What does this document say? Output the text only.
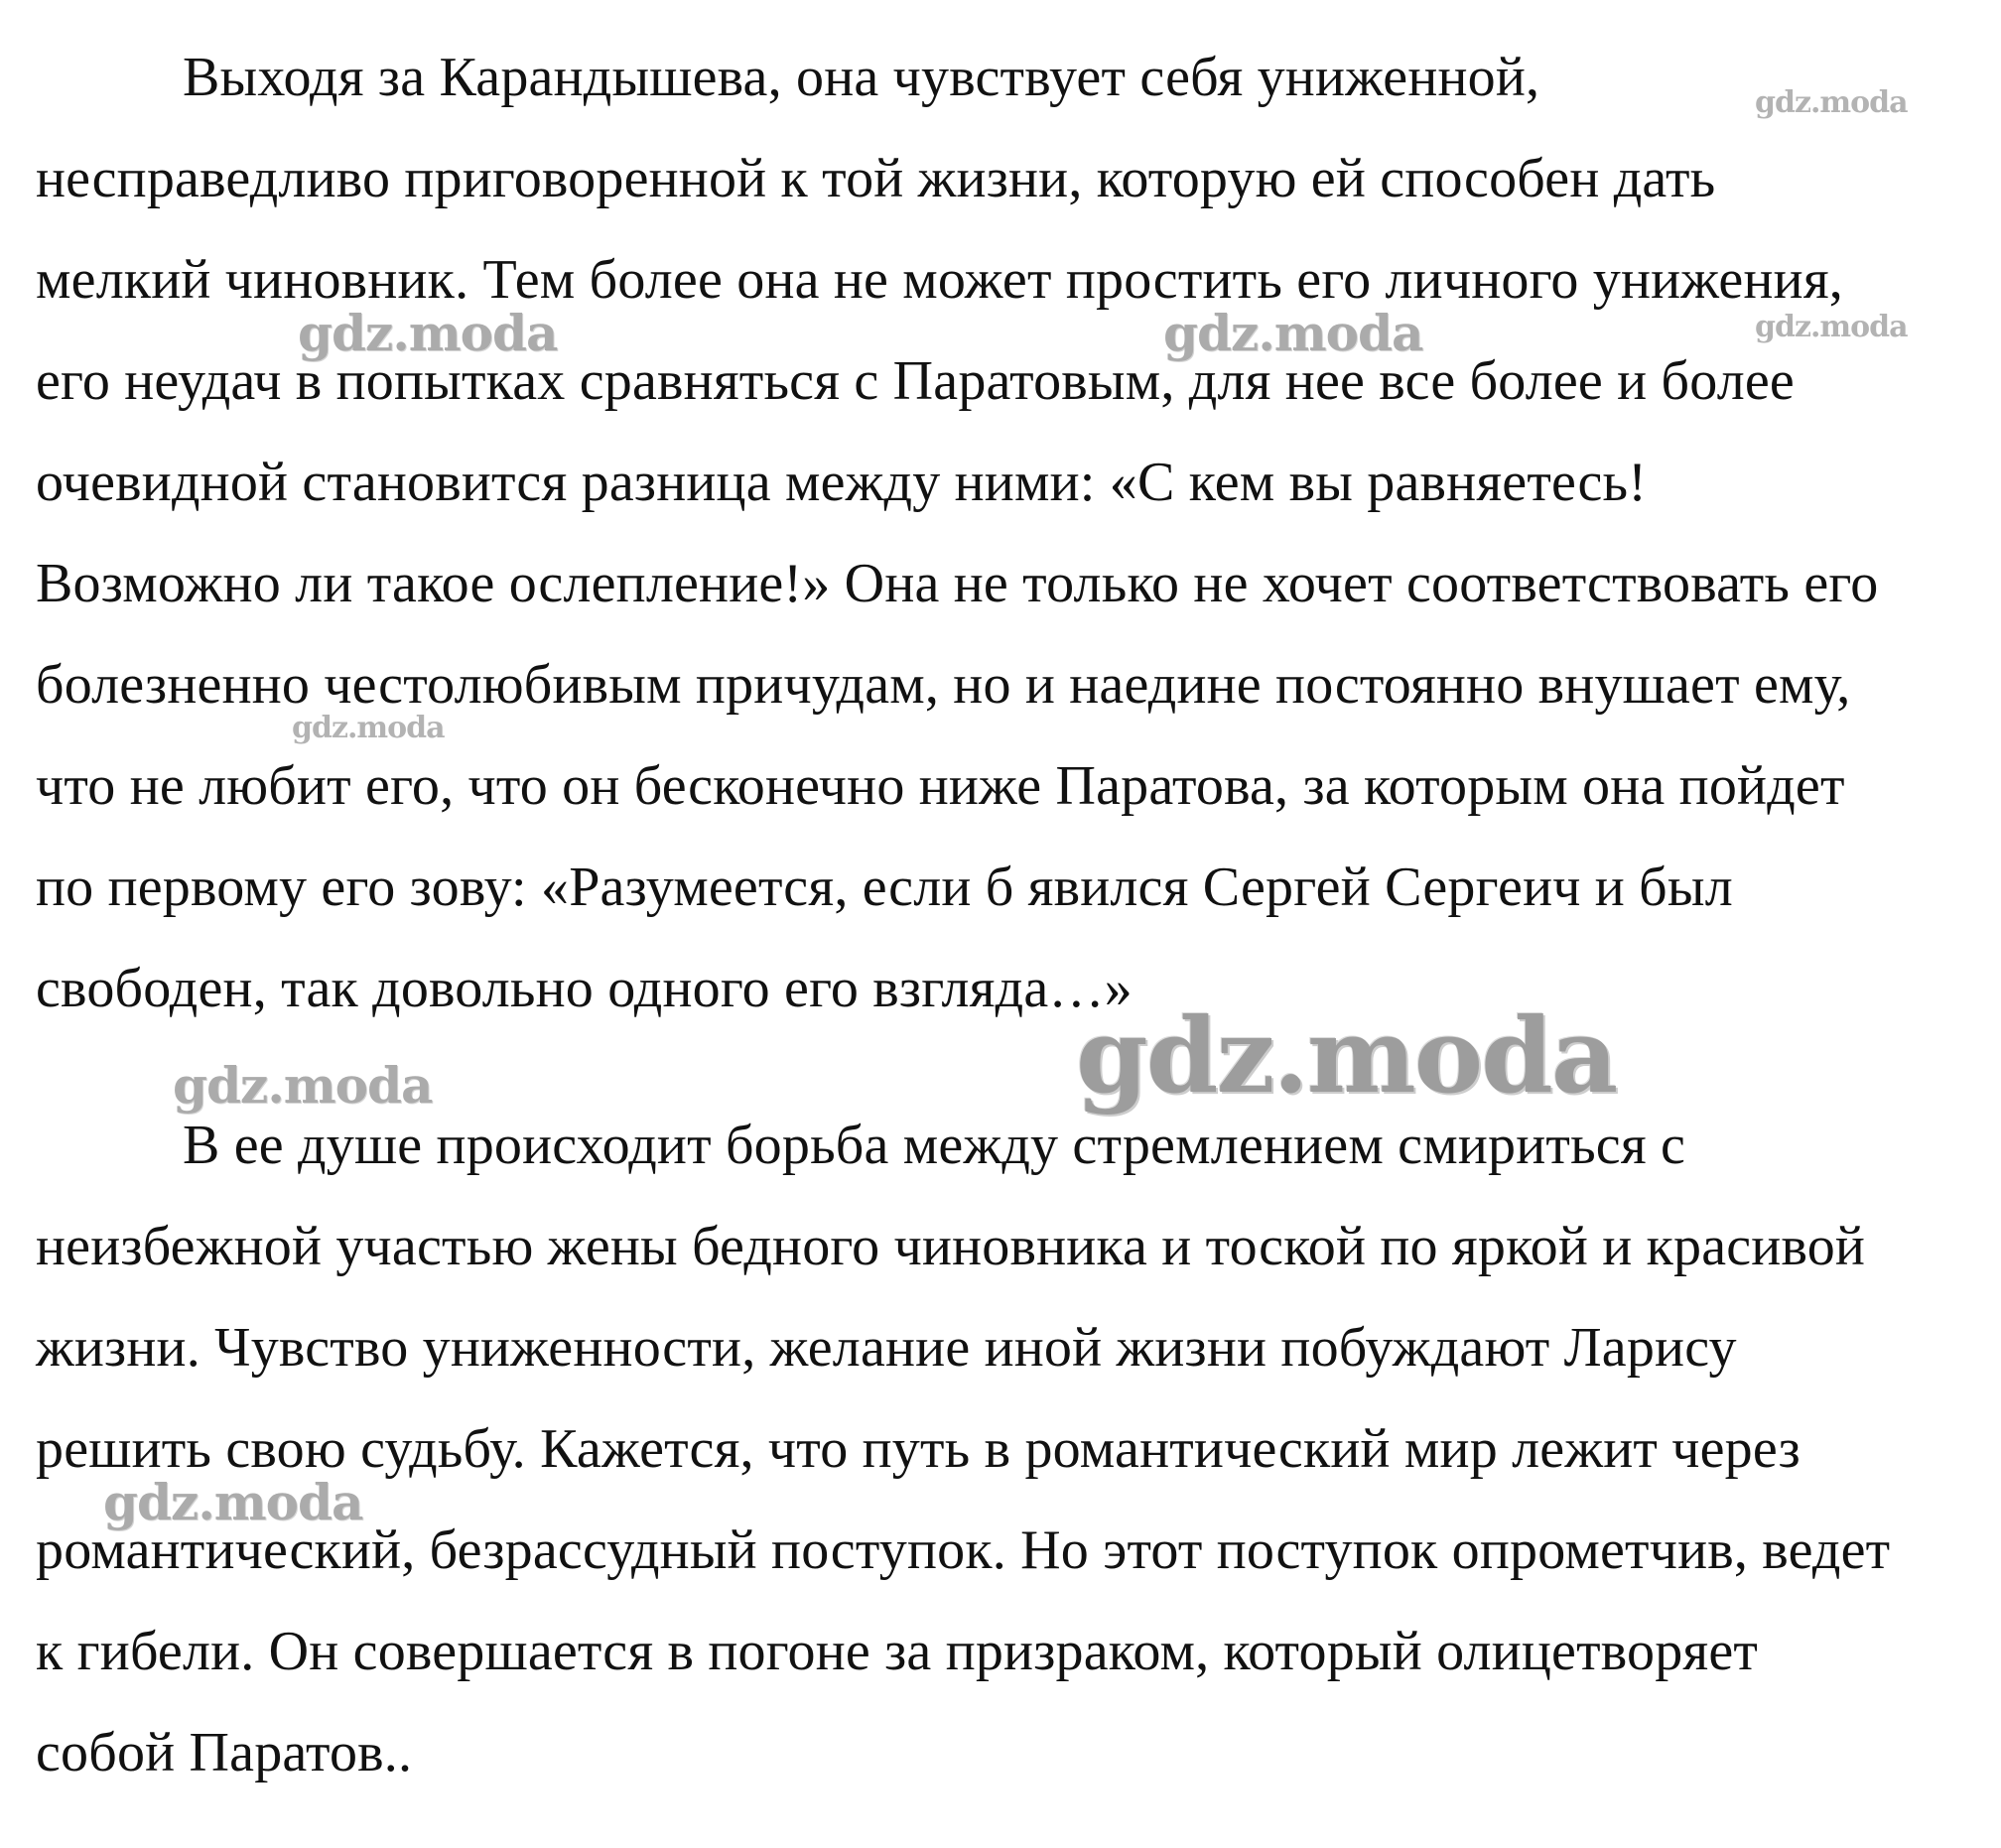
Выходя за Карандышева, она чувствует себя униженной,
несправедливо приговоренной к той жизни, которую ей способен дать
мелкий чиновник. Тем более она не может простить его личного унижения,
его неудач в попытках сравняться с Паратовым, для нее все более и более
очевидной становится разница между ними: «С кем вы равняетесь!
Возможно ли такое ослепление!» Она не только не хочет соответствовать его
болезненно честолюбивым причудам, но и наедине постоянно внушает ему,
что не любит его, что он бесконечно ниже Паратова, за которым она пойдет
по первому его зову: «Разумеется, если б явился Сергей Сергеич и был
свободен, так довольно одного его взгляда…»
В ее душе происходит борьба между стремлением смириться с
неизбежной участью жены бедного чиновника и тоской по яркой и красивой
жизни. Чувство униженности, желание иной жизни побуждают Ларису
решить свою судьбу. Кажется, что путь в романтический мир лежит через
романтический, безрассудный поступок. Но этот поступок опрометчив, ведет
к гибели. Он совершается в погоне за призраком, который олицетворяет
собой Паратов..
gdz.moda
gdz.moda	gdz.moda	gdz.moda
gdz.moda
gdz.moda
gdz.moda
gdz.moda
